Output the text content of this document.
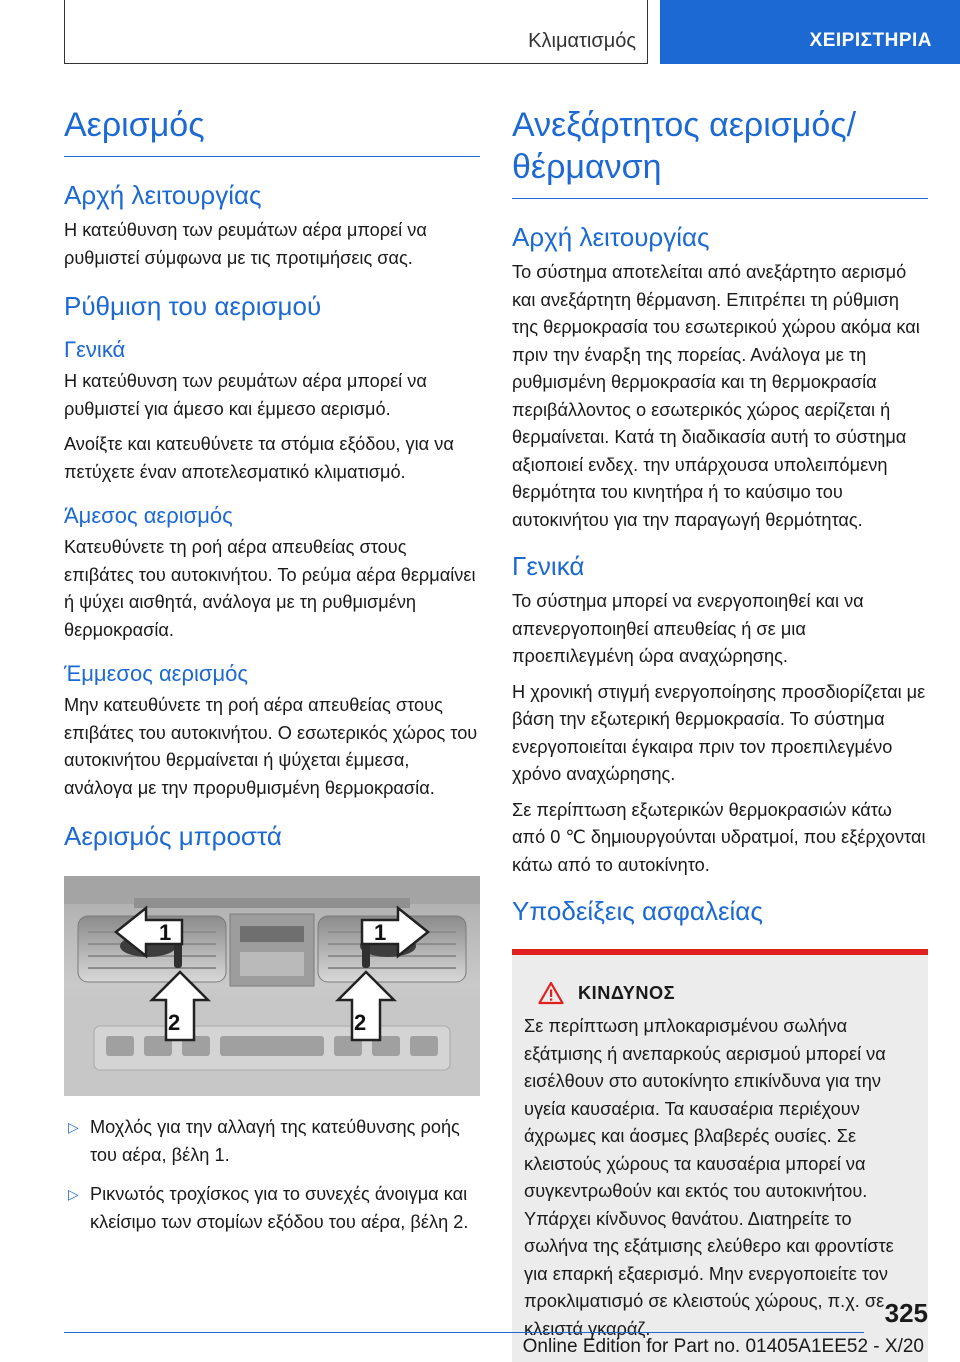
Κλιματισμός	ΧΕΙΡΙΣΤΗΡΙΑ
Αερισμός
Αρχή λειτουργίας

Η κατεύθυνση των ρευμάτων αέρα μπορεί να ρυθμιστεί σύμφωνα με τις προτιμήσεις σας.

Ρύθμιση του αερισμού
Γενικά

Η κατεύθυνση των ρευμάτων αέρα μπορεί να ρυθμιστεί για άμεσο και έμμεσο αερισμό.

Ανοίξτε και κατευθύνετε τα στόμια εξόδου, για να πετύχετε έναν αποτελεσματικό κλιματισμό.

Άμεσος αερισμός

Κατευθύνετε τη ροή αέρα απευθείας στους επιβάτες του αυτοκινήτου. Το ρεύμα αέρα θερμαίνει ή ψύχει αισθητά, ανάλογα με τη ρυθμισμένη θερμοκρασία.

Έμμεσος αερισμός

Μην κατευθύνετε τη ροή αέρα απευθείας στους επιβάτες του αυτοκινήτου. Ο εσωτερικός χώρος του αυτοκινήτου θερμαίνεται ή ψύχεται έμμεσα, ανάλογα με την προρυθμισμένη θερμοκρασία.

Αερισμός μπροστά
1	1
2	2
▷ Μοχλός για την αλλαγή της κατεύθυνσης ροής του αέρα, βέλη 1.
▷ Ρικνωτός τροχίσκος για το συνεχές άνοιγμα και κλείσιμο των στομίων εξόδου του αέρα, βέλη 2.
Ανεξάρτητος αερισμός/ θέρμανση
Αρχή λειτουργίας

Το σύστημα αποτελείται από ανεξάρτητο αερισμό και ανεξάρτητη θέρμανση. Επιτρέπει τη ρύθμιση της θερμοκρασία του εσωτερικού χώρου ακόμα και πριν την έναρξη της πορείας. Ανάλογα με τη ρυθμισμένη θερμοκρασία και τη θερμοκρασία περιβάλλοντος ο εσωτερικός χώρος αερίζεται ή θερμαίνεται. Κατά τη διαδικασία αυτή το σύστημα αξιοποιεί ενδεχ. την υπάρχουσα υπολειπόμενη θερμότητα του κινητήρα ή το καύσιμο του αυτοκινήτου για την παραγωγή θερμότητας.

Γενικά

Το σύστημα μπορεί να ενεργοποιηθεί και να απενεργοποιηθεί απευθείας ή σε μια προεπιλεγμένη ώρα αναχώρησης.

Η χρονική στιγμή ενεργοποίησης προσδιορίζεται με βάση την εξωτερική θερμοκρασία. Το σύστημα ενεργοποιείται έγκαιρα πριν τον προεπιλεγμένο χρόνο αναχώρησης.

Σε περίπτωση εξωτερικών θερμοκρασιών κάτω από 0 ℃ δημιουργούνται υδρατμοί, που εξέρχονται κάτω από το αυτοκίνητο.

Υποδείξεις ασφαλείας
ΚΙΝΔΥΝΟΣ

Σε περίπτωση μπλοκαρισμένου σωλήνα εξάτμισης ή ανεπαρκούς αερισμού μπορεί να εισέλθουν στο αυτοκίνητο επικίνδυνα για την υγεία καυσαέρια. Τα καυσαέρια περιέχουν άχρωμες και άοσμες βλαβερές ουσίες. Σε κλειστούς χώρους τα καυσαέρια μπορεί να συγκεντρωθούν και εκτός του αυτοκινήτου. Υπάρχει κίνδυνος θανάτου. Διατηρείτε το σωλήνα της εξάτμισης ελεύθερο και φροντίστε για επαρκή εξαερισμό. Μην ενεργοποιείτε τον προκλιματισμό σε κλειστούς χώρους, π.χ. σε κλειστά γκαράζ.

325
Online Edition for Part no. 01405A1EE52 - X/20
